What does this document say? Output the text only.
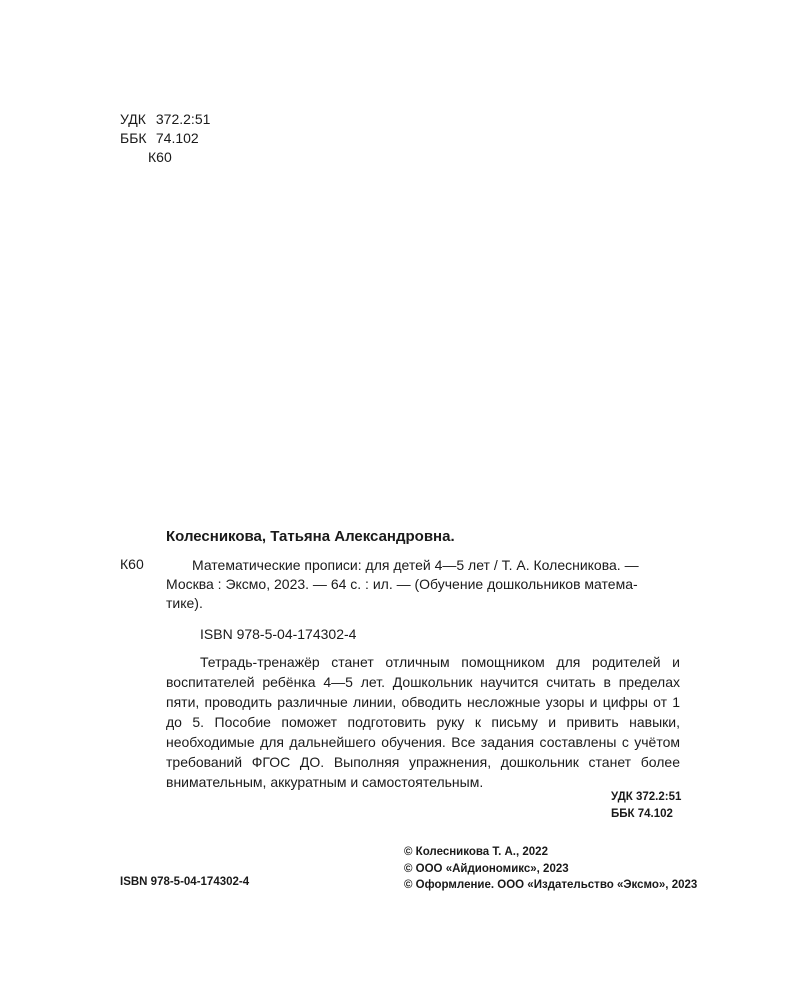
УДК 372.2:51
ББК 74.102
К60
Колесникова, Татьяна Александровна.
К60	Математические прописи: для детей 4—5 лет / Т. А. Колесникова. —

Москва : Эксмо, 2023. — 64 с. : ил. — (Обучение дошкольников матема-

тике).

ISBN 978-5-04-174302-4
Тетрадь-тренажёр станет отличным помощником для родителей и воспитателей ребёнка 4—5 лет. Дошкольник научится считать в пределах пяти, проводить различные линии, обводить несложные узоры и цифры от 1 до 5. Пособие поможет подготовить руку к письму и привить навыки, необходимые для дальнейшего обучения. Все задания составлены с учётом требований ФГОС ДО. Выполняя упражнения, дошкольник станет более внимательным, аккуратным и самостоятельным.
УДК 372.2:51
ББК 74.102
© Колесникова Т. А., 2022
© ООО «Айдиономикс», 2023
© Оформление. ООО «Издательство «Эксмо», 2023
ISBN 978-5-04-174302-4
